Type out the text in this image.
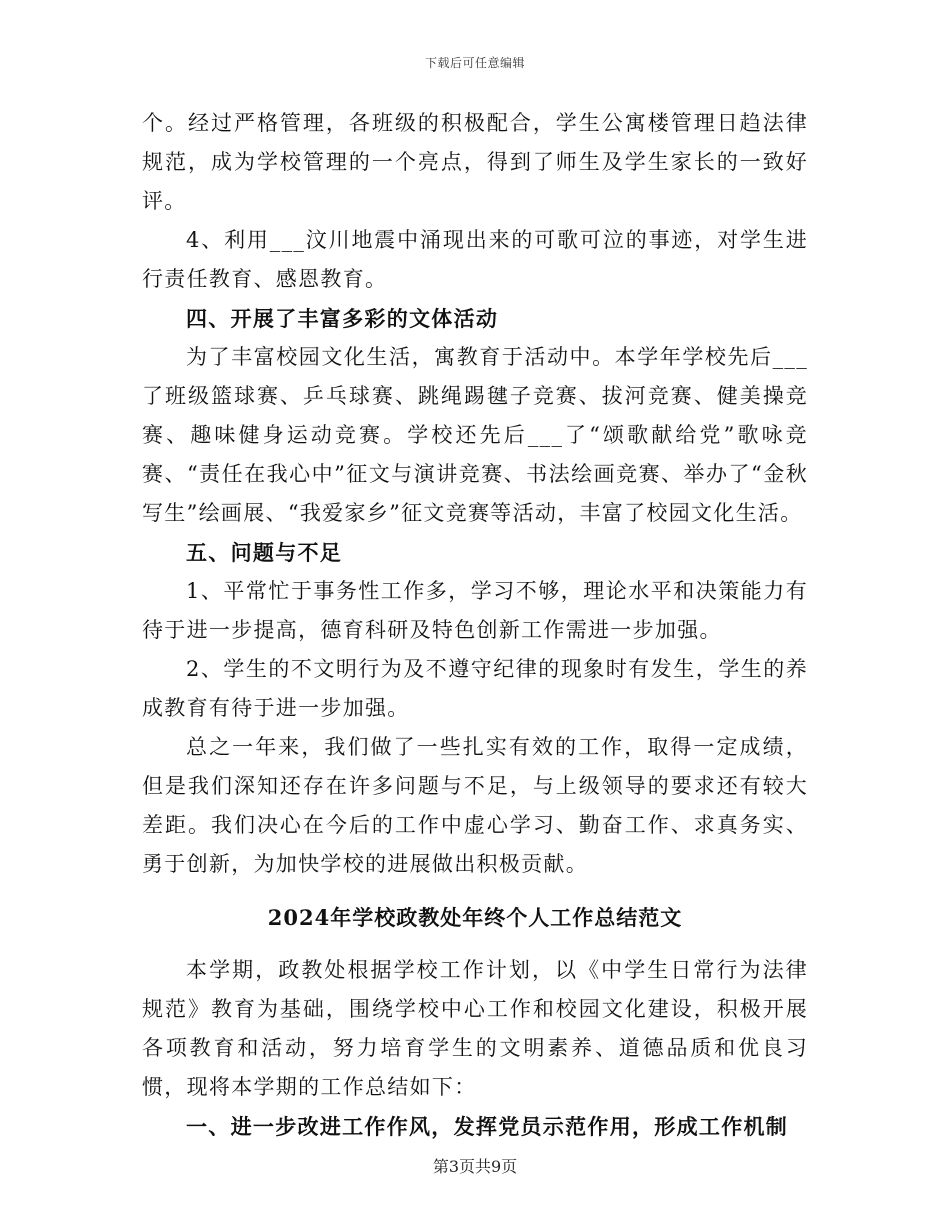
下载后可任意编辑

个。经过严格管理，各班级的积极配合，学生公寓楼管理日趋法律规范，成为学校管理的一个亮点，得到了师生及学生家长的一致好评。

4、利用___汶川地震中涌现出来的可歌可泣的事迹，对学生进行责任教育、感恩教育。

四、开展了丰富多彩的文体活动

为了丰富校园文化生活，寓教育于活动中。本学年学校先后___了班级篮球赛、乒乓球赛、跳绳踢毽子竞赛、拔河竞赛、健美操竞赛、趣味健身运动竞赛。学校还先后___了“颂歌献给党”歌咏竞赛、“责任在我心中”征文与演讲竞赛、书法绘画竞赛、举办了“金秋写生”绘画展、“我爱家乡”征文竞赛等活动，丰富了校园文化生活。

五、问题与不足

1、平常忙于事务性工作多，学习不够，理论水平和决策能力有待于进一步提高，德育科研及特色创新工作需进一步加强。

2、学生的不文明行为及不遵守纪律的现象时有发生，学生的养成教育有待于进一步加强。

总之一年来，我们做了一些扎实有效的工作，取得一定成绩，但是我们深知还存在许多问题与不足，与上级领导的要求还有较大差距。我们决心在今后的工作中虚心学习、勤奋工作、求真务实、勇于创新，为加快学校的进展做出积极贡献。

2024年学校政教处年终个人工作总结范文

本学期，政教处根据学校工作计划，以《中学生日常行为法律规范》教育为基础，围绕学校中心工作和校园文化建设，积极开展各项教育和活动，努力培育学生的文明素养、道德品质和优良习惯，现将本学期的工作总结如下：

一、进一步改进工作作风，发挥党员示范作用，形成工作机制

第3页共9页
